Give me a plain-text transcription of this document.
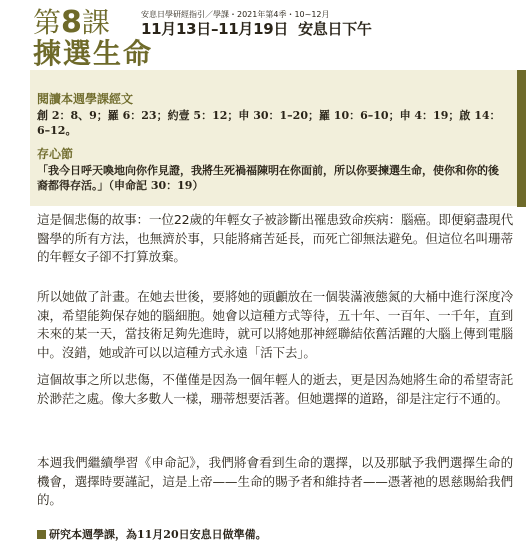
第8課	安息日學研經指引／學課・2021年第4季・10~12月
11月13日–11月19日 安息日下午
揀選生命
閱讀本週學課經文
創 2：8、9；羅 6：23；約壹 5：12；申 30：1–20；羅 10：6–10；申 4：19；啟 14：6–12。
存心節
「我今日呼天喚地向你作見證，我將生死禍福陳明在你面前，所以你要揀選生命，使你和你的後裔都得存活。」（申命記 30：19）

這是個悲傷的故事：一位22歲的年輕女子被診斷出罹患致命疾病：腦癌。即便窮盡現代醫學的所有方法，也無濟於事，只能將痛苦延長，而死亡卻無法避免。但這位名叫珊蒂的年輕女子卻不打算放棄。

所以她做了計畫。在她去世後，要將她的頭顱放在一個裝滿液態氮的大桶中進行深度冷凍，希望能夠保存她的腦細胞。她會以這種方式等待，五十年、一百年、一千年，直到未來的某一天，當技術足夠先進時，就可以將她那神經聯結依舊活躍的大腦上傳到電腦中。沒錯，她或許可以以這種方式永遠「活下去」。

這個故事之所以悲傷，不僅僅是因為一個年輕人的逝去，更是因為她將生命的希望寄託於渺茫之處。像大多數人一樣，珊蒂想要活著。但她選擇的道路，卻是注定行不通的。

本週我們繼續學習《申命記》，我們將會看到生命的選擇，以及那賦予我們選擇生命的機會，選擇時要謹記，這是上帝——生命的賜予者和維持者——憑著祂的恩慈賜給我們的。

研究本週學課，為11月20日安息日做準備。
